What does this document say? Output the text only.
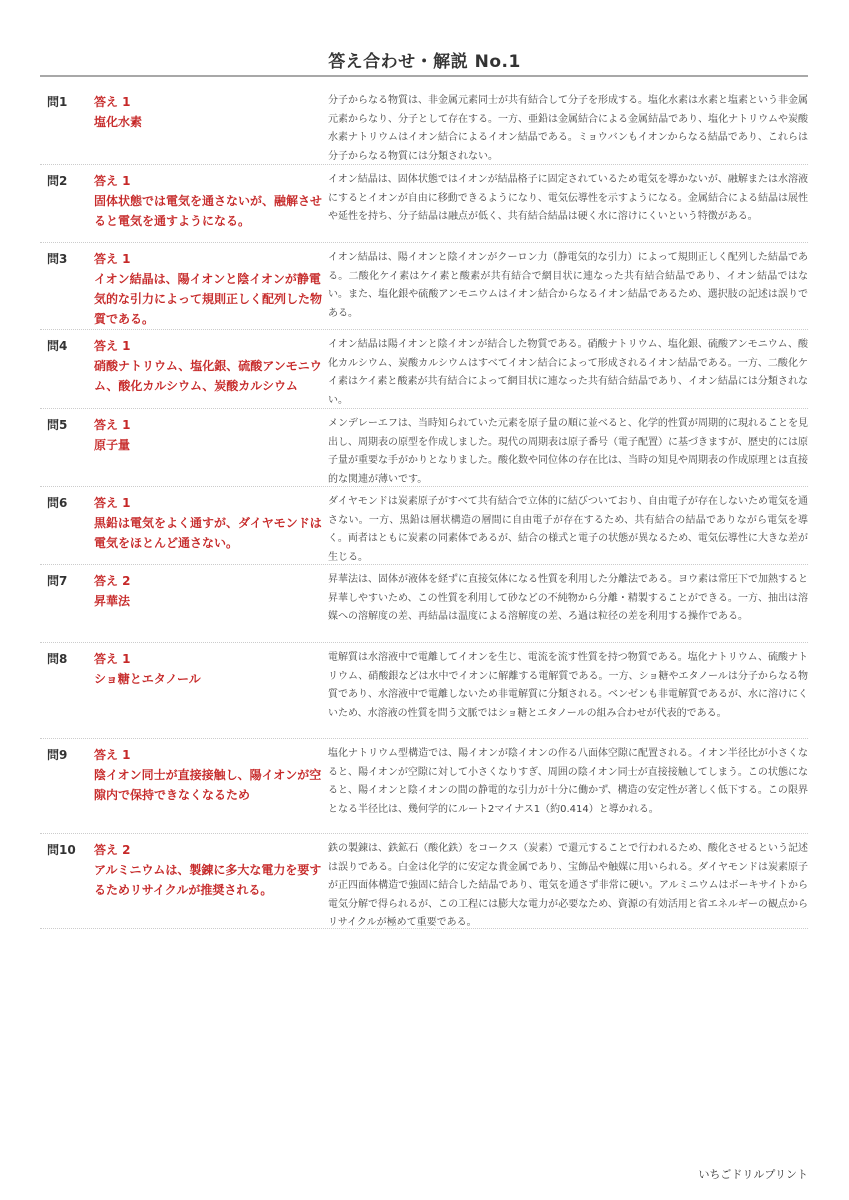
答え合わせ・解説 No.1
問1	答え 1
塩化水素
分子からなる物質は、非金属元素同士が共有結合して分子を形成する。塩化水素は水素と塩素という非金属元素からなり、分子として存在する。一方、亜鉛は金属結合による金属結晶であり、塩化ナトリウムや炭酸水素ナトリウムはイオン結合によるイオン結晶である。ミョウバンもイオンからなる結晶であり、これらは分子からなる物質には分類されない。
問2	答え 1
固体状態では電気を通さないが、融解させると電気を通すようになる。
イオン結晶は、固体状態ではイオンが結晶格子に固定されているため電気を導かないが、融解または水溶液にするとイオンが自由に移動できるようになり、電気伝導性を示すようになる。金属結合による結晶は展性や延性を持ち、分子結晶は融点が低く、共有結合結晶は硬く水に溶けにくいという特徴がある。
問3	答え 1
イオン結晶は、陽イオンと陰イオンが静電気的な引力によって規則正しく配列した物質である。
イオン結晶は、陽イオンと陰イオンがクーロン力（静電気的な引力）によって規則正しく配列した結晶である。二酸化ケイ素はケイ素と酸素が共有結合で網目状に連なった共有結合結晶であり、イオン結晶ではない。また、塩化銀や硫酸アンモニウムはイオン結合からなるイオン結晶であるため、選択肢の記述は誤りである。
問4	答え 1
硝酸ナトリウム、塩化銀、硫酸アンモニウム、酸化カルシウム、炭酸カルシウム
イオン結晶は陽イオンと陰イオンが結合した物質である。硝酸ナトリウム、塩化銀、硫酸アンモニウム、酸化カルシウム、炭酸カルシウムはすべてイオン結合によって形成されるイオン結晶である。一方、二酸化ケイ素はケイ素と酸素が共有結合によって網目状に連なった共有結合結晶であり、イオン結晶には分類されない。
問5	答え 1
原子量
メンデレーエフは、当時知られていた元素を原子量の順に並べると、化学的性質が周期的に現れることを見出し、周期表の原型を作成しました。現代の周期表は原子番号（電子配置）に基づきますが、歴史的には原子量が重要な手がかりとなりました。酸化数や同位体の存在比は、当時の知見や周期表の作成原理とは直接的な関連が薄いです。
問6	答え 1
黒鉛は電気をよく通すが、ダイヤモンドは電気をほとんど通さない。
ダイヤモンドは炭素原子がすべて共有結合で立体的に結びついており、自由電子が存在しないため電気を通さない。一方、黒鉛は層状構造の層間に自由電子が存在するため、共有結合の結晶でありながら電気を導く。両者はともに炭素の同素体であるが、結合の様式と電子の状態が異なるため、電気伝導性に大きな差が生じる。
問7	答え 2
昇華法
昇華法は、固体が液体を経ずに直接気体になる性質を利用した分離法である。ヨウ素は常圧下で加熱すると昇華しやすいため、この性質を利用して砂などの不純物から分離・精製することができる。一方、抽出は溶媒への溶解度の差、再結晶は温度による溶解度の差、ろ過は粒径の差を利用する操作である。
問8	答え 1
ショ糖とエタノール
電解質は水溶液中で電離してイオンを生じ、電流を流す性質を持つ物質である。塩化ナトリウム、硫酸ナトリウム、硝酸銀などは水中でイオンに解離する電解質である。一方、ショ糖やエタノールは分子からなる物質であり、水溶液中で電離しないため非電解質に分類される。ベンゼンも非電解質であるが、水に溶けにくいため、水溶液の性質を問う文脈ではショ糖とエタノールの組み合わせが代表的である。
問9	答え 1
陰イオン同士が直接接触し、陽イオンが空隙内で保持できなくなるため
塩化ナトリウム型構造では、陽イオンが陰イオンの作る八面体空隙に配置される。イオン半径比が小さくなると、陽イオンが空隙に対して小さくなりすぎ、周囲の陰イオン同士が直接接触してしまう。この状態になると、陽イオンと陰イオンの間の静電的な引力が十分に働かず、構造の安定性が著しく低下する。この限界となる半径比は、幾何学的にルート2マイナス1（約0.414）と導かれる。
問10	答え 2
アルミニウムは、製錬に多大な電力を要するためリサイクルが推奨される。
鉄の製錬は、鉄鉱石（酸化鉄）をコークス（炭素）で還元することで行われるため、酸化させるという記述は誤りである。白金は化学的に安定な貴金属であり、宝飾品や触媒に用いられる。ダイヤモンドは炭素原子が正四面体構造で強固に結合した結晶であり、電気を通さず非常に硬い。アルミニウムはボーキサイトから電気分解で得られるが、この工程には膨大な電力が必要なため、資源の有効活用と省エネルギーの観点からリサイクルが極めて重要である。
いちごドリルプリント
